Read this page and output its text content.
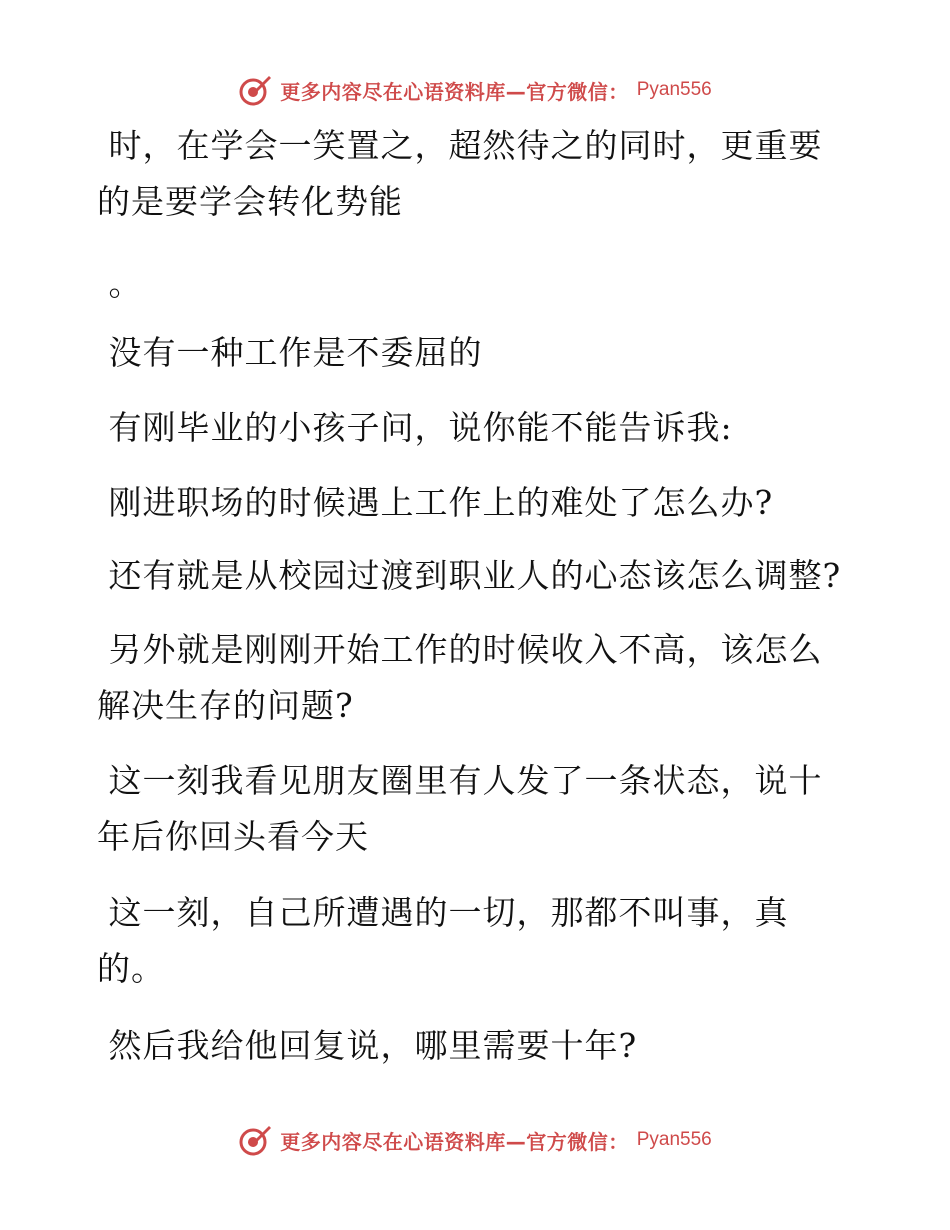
更多内容尽在心语资料库—官方微信： Pyan556

时，在学会一笑置之，超然待之的同时，更重要
的是要学会转化势能

。

没有一种工作是不委屈的

有刚毕业的小孩子问，说你能不能告诉我:

刚进职场的时候遇上工作上的难处了怎么办?

还有就是从校园过渡到职业人的心态该怎么调整?

另外就是刚刚开始工作的时候收入不高，该怎么
解决生存的问题?

这一刻我看见朋友圈里有人发了一条状态，说十
年后你回头看今天

这一刻，自己所遭遇的一切，那都不叫事，真
的。

然后我给他回复说，哪里需要十年?

更多内容尽在心语资料库—官方微信： Pyan556
